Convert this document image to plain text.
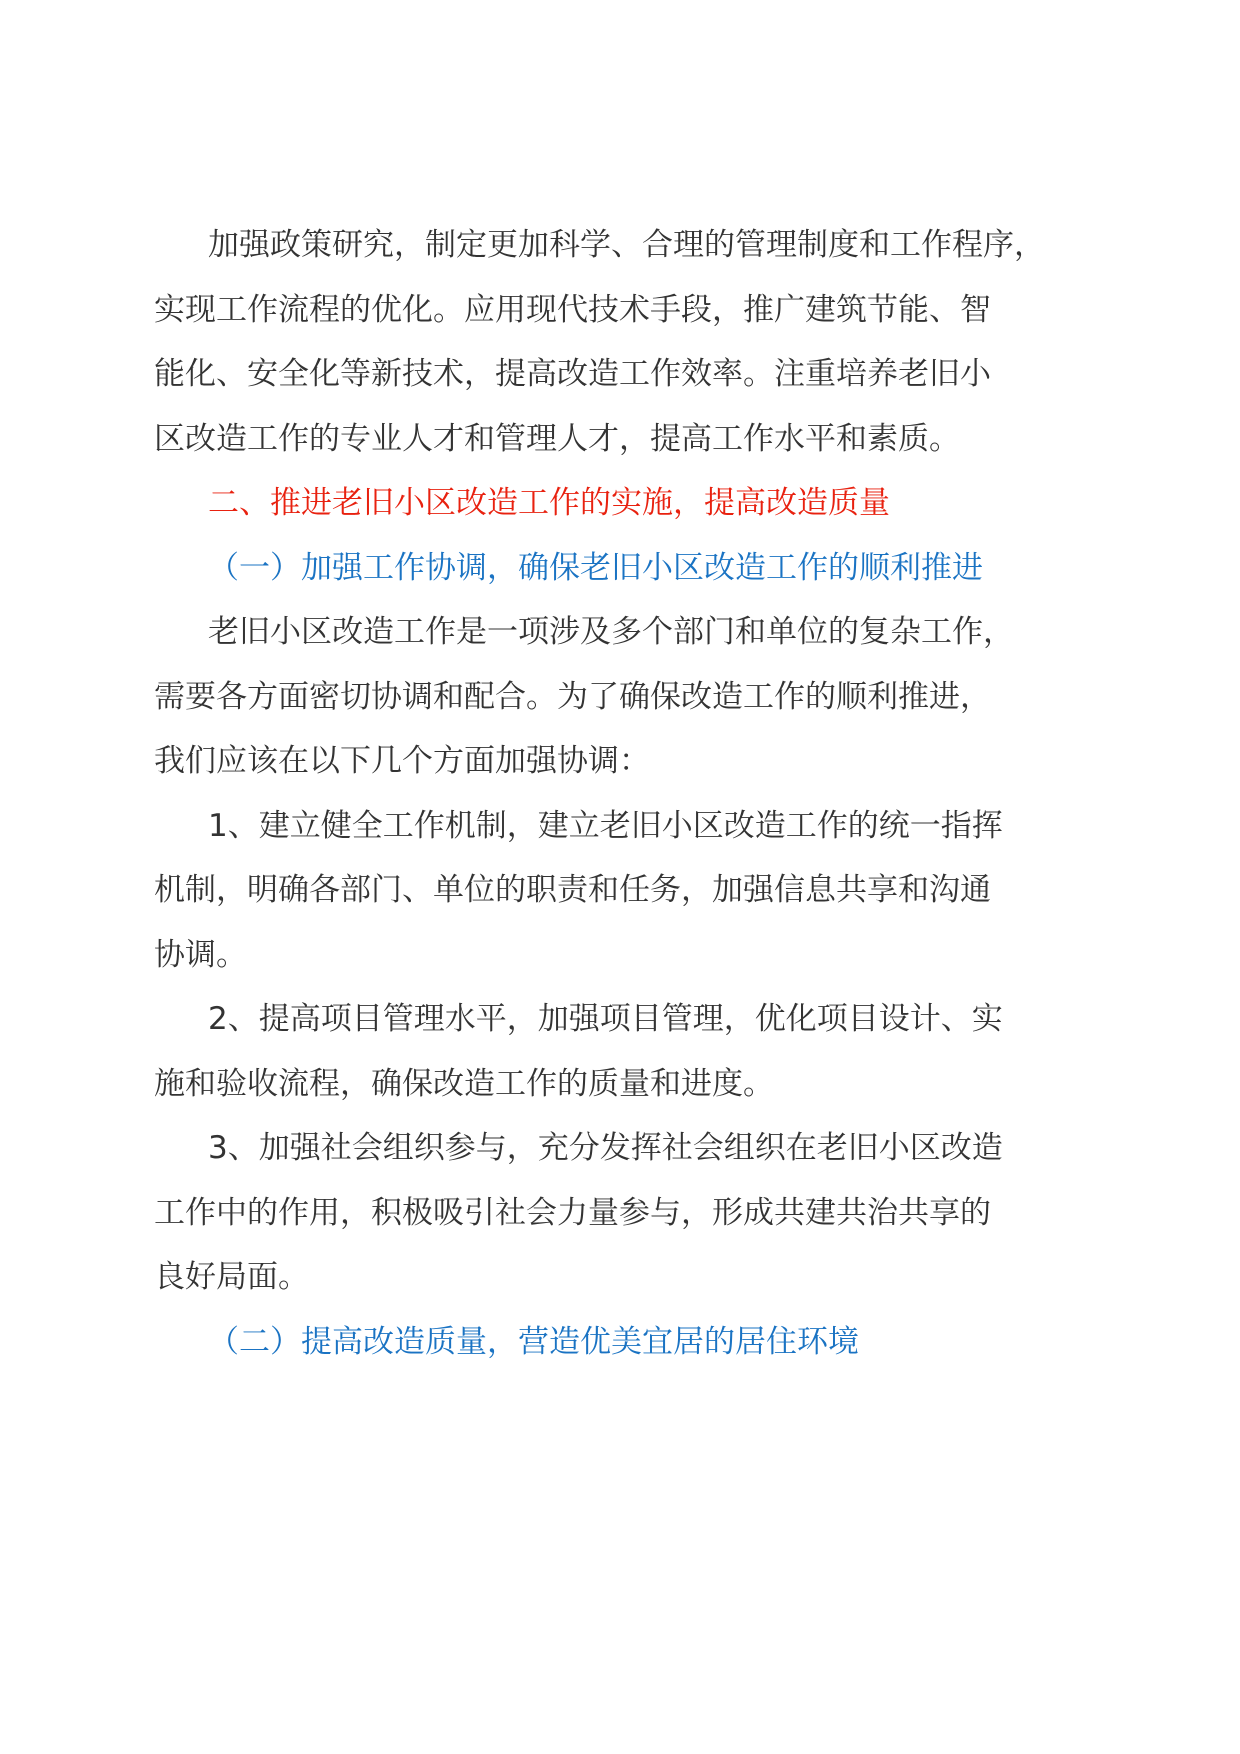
加强政策研究，制定更加科学、合理的管理制度和工作程序，

实现工作流程的优化。应用现代技术手段，推广建筑节能、智

能化、安全化等新技术，提高改造工作效率。注重培养老旧小

区改造工作的专业人才和管理人才，提高工作水平和素质。

二、推进老旧小区改造工作的实施，提高改造质量

（一）加强工作协调，确保老旧小区改造工作的顺利推进

老旧小区改造工作是一项涉及多个部门和单位的复杂工作，

需要各方面密切协调和配合。为了确保改造工作的顺利推进，

我们应该在以下几个方面加强协调：

1、建立健全工作机制，建立老旧小区改造工作的统一指挥

机制，明确各部门、单位的职责和任务，加强信息共享和沟通

协调。

2、提高项目管理水平，加强项目管理，优化项目设计、实

施和验收流程，确保改造工作的质量和进度。

3、加强社会组织参与，充分发挥社会组织在老旧小区改造

工作中的作用，积极吸引社会力量参与，形成共建共治共享的

良好局面。

（二）提高改造质量，营造优美宜居的居住环境
